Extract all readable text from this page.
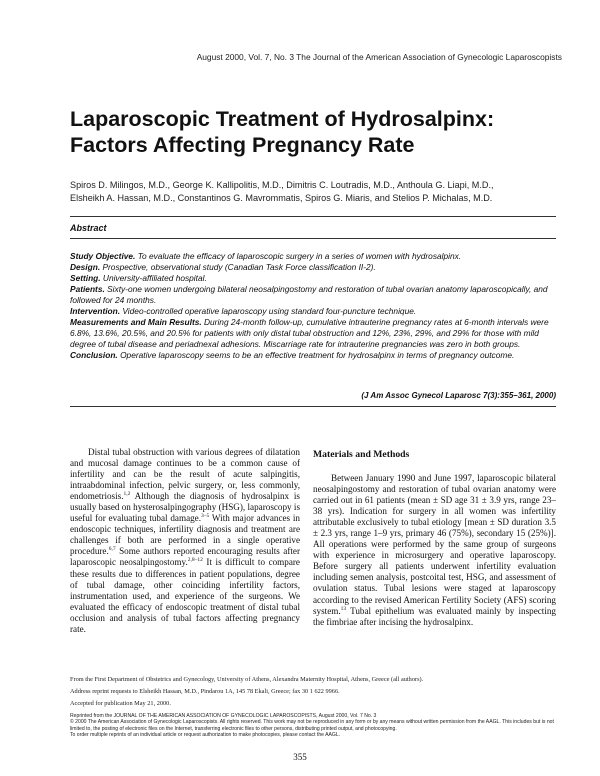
August 2000, Vol. 7, No. 3 The Journal of the American Association of Gynecologic Laparoscopists
Laparoscopic Treatment of Hydrosalpinx:
Factors Affecting Pregnancy Rate
Spiros D. Milingos, M.D., George K. Kallipolitis, M.D., Dimitris C. Loutradis, M.D., Anthoula G. Liapi, M.D.,
Elsheikh A. Hassan, M.D., Constantinos G. Mavrommatis, Spiros G. Miaris, and Stelios P. Michalas, M.D.
Abstract

Study Objective. To evaluate the efficacy of laparoscopic surgery in a series of women with hydrosalpinx.

Design. Prospective, observational study (Canadian Task Force classification II-2).

Setting. University-affiliated hospital.

Patients. Sixty-one women undergoing bilateral neosalpingostomy and restoration of tubal ovarian anatomy laparoscopically, and followed for 24 months.

Intervention. Video-controlled operative laparoscopy using standard four-puncture technique.

Measurements and Main Results. During 24-month follow-up, cumulative intrauterine pregnancy rates at 6-month intervals were 6.8%, 13.6%, 20.5%, and 20.5% for patients with only distal tubal obstruction and 12%, 23%, 29%, and 29% for those with mild degree of tubal disease and periadnexal adhesions. Miscarriage rate for intrauterine pregnancies was zero in both groups.

Conclusion. Operative laparoscopy seems to be an effective treatment for hydrosalpinx in terms of pregnancy outcome.

(J Am Assoc Gynecol Laparosc 7(3):355–361, 2000)

Distal tubal obstruction with various degrees of dilatation and mucosal damage continues to be a common cause of infertility and can be the result of acute salpingitis, intraabdominal infection, pelvic surgery, or, less commonly, endometriosis.$^{1,2}$ Although the diagnosis of hydrosalpinx is usually based on hysterosalpingography (HSG), laparoscopy is useful for evaluating tubal damage.$^{3-5}$ With major advances in endoscopic techniques, infertility diagnosis and treatment are challenges if both are performed in a single operative procedure.$^{6,7}$ Some authors reported encouraging results after laparoscopic neosalpingostomy.$^{2,8-12}$ It is difficult to compare these results due to differences in patient populations, degree of tubal damage, other coinciding infertility factors, instrumentation used, and experience of the surgeons. We evaluated the efficacy of endoscopic treatment of distal tubal occlusion and analysis of tubal factors affecting pregnancy rate.

Materials and Methods

Between January 1990 and June 1997, laparoscopic bilateral neosalpingostomy and restoration of tubal ovarian anatomy were carried out in 61 patients (mean ± SD age 31 ± 3.9 yrs, range 23–38 yrs). Indication for surgery in all women was infertility attributable exclusively to tubal etiology [mean ± SD duration 3.5 ± 2.3 yrs, range 1–9 yrs, primary 46 (75%), secondary 15 (25%)]. All operations were performed by the same group of surgeons with experience in microsurgery and operative laparoscopy. Before surgery all patients underwent infertility evaluation including semen analysis, postcoital test, HSG, and assessment of ovulation status. Tubal lesions were staged at laparoscopy according to the revised American Fertility Society (AFS) scoring system.$^{13}$ Tubal epithelium was evaluated mainly by inspecting the fimbriae after incising the hydrosalpinx.

From the First Department of Obstetrics and Gynecology, University of Athens, Alexandra Maternity Hospital, Athens, Greece (all authors).

Address reprint requests to Elsheikh Hassan, M.D., Pindarou 1A, 145 78 Ekali, Greece; fax 30 1 622 9966.

Accepted for publication May 21, 2000.

Reprinted from the JOURNAL OF THE AMERICAN ASSOCIATION OF GYNECOLOGIC LAPAROSCOPISTS, August 2000, Vol. 7 No. 3

© 2000 The American Association of Gynecologic Laparoscopists. All rights reserved. This work may not be reproduced in any form or by any means without written permission from the AAGL. This includes but is not limited to, the posting of electronic files on the Internet, transferring electronic files to other persons, distributing printed output, and photocopying.

To order multiple reprints of an individual article or request authorization to make photocopies, please contact the AAGL.

355
